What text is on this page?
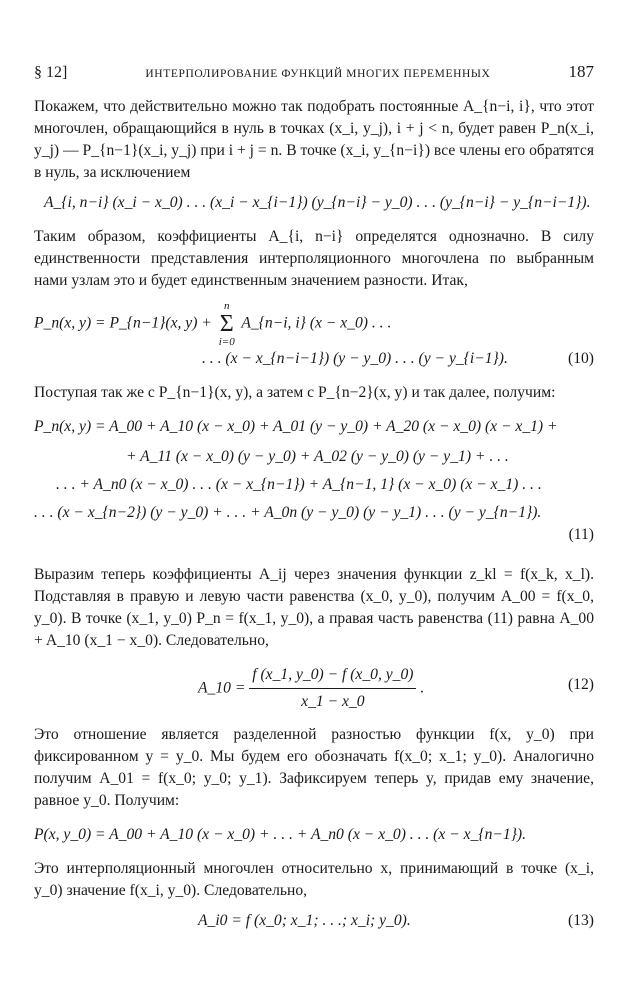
§ 12]	ИНТЕРПОЛИРОВАНИЕ ФУНКЦИЙ МНОГИХ ПЕРЕМЕННЫХ	187

Покажем, что действительно можно так подобрать постоянные A_{n−i, i}, что этот многочлен, обращающийся в нуль в точках (x_i, y_j), i + j < n, будет равен P_n(x_i, y_j) — P_{n−1}(x_i, y_j) при i + j = n. В точке (x_i, y_{n−i}) все члены его обратятся в нуль, за исключением

A_{i, n−i} (x_i − x_0) . . . (x_i − x_{i−1}) (y_{n−i} − y_0) . . . (y_{n−i} − y_{n−i−1}).

Таким образом, коэффициенты A_{i, n−i} определятся однозначно. В силу единственности представления интерполяционного многочлена по выбранным нами узлам это и будет единственным значением разности. Итак,

P_n(x, y) = P_{n−1}(x, y) +
n
Σ
i=0
A_{n−i, i} (x − x_0) . . .
. . . (x − x_{n−i−1}) (y − y_0) . . . (y − y_{i−1}).	(10)

Поступая так же с P_{n−1}(x, y), а затем с P_{n−2}(x, y) и так далее, получим:

P_n(x, y) = A_00 + A_10 (x − x_0) + A_01 (y − y_0) + A_20 (x − x_0) (x − x_1) +
+ A_11 (x − x_0) (y − y_0) + A_02 (y − y_0) (y − y_1) + . . .
. . . + A_n0 (x − x_0) . . . (x − x_{n−1}) + A_{n−1, 1} (x − x_0) (x − x_1) . . .
. . . (x − x_{n−2}) (y − y_0) + . . . + A_0n (y − y_0) (y − y_1) . . . (y − y_{n−1}).
(11)

Выразим теперь коэффициенты A_ij через значения функции z_kl = f(x_k, x_l). Подставляя в правую и левую части равенства (x_0, y_0), получим A_00 = f(x_0, y_0). В точке (x_1, y_0) P_n = f(x_1, y_0), а правая часть равенства (11) равна A_00 + A_10 (x_1 − x_0). Следовательно,

A_10 = $\frac{f (x\_1, y\_0) - f (x\_0, y\_0)}{x\_1 - x\_0}$ .	(12)

Это отношение является разделенной разностью функции f(x, y_0) при фиксированном y = y_0. Мы будем его обозначать f(x_0; x_1; y_0). Аналогично получим A_01 = f(x_0; y_0; y_1). Зафиксируем теперь y, придав ему значение, равное y_0. Получим:

P(x, y_0) = A_00 + A_10 (x − x_0) + . . . + A_n0 (x − x_0) . . . (x − x_{n−1}).

Это интерполяционный многочлен относительно x, принимающий в точке (x_i, y_0) значение f(x_i, y_0). Следовательно,

A_i0 = f (x_0; x_1; . . .; x_i; y_0).	(13)
